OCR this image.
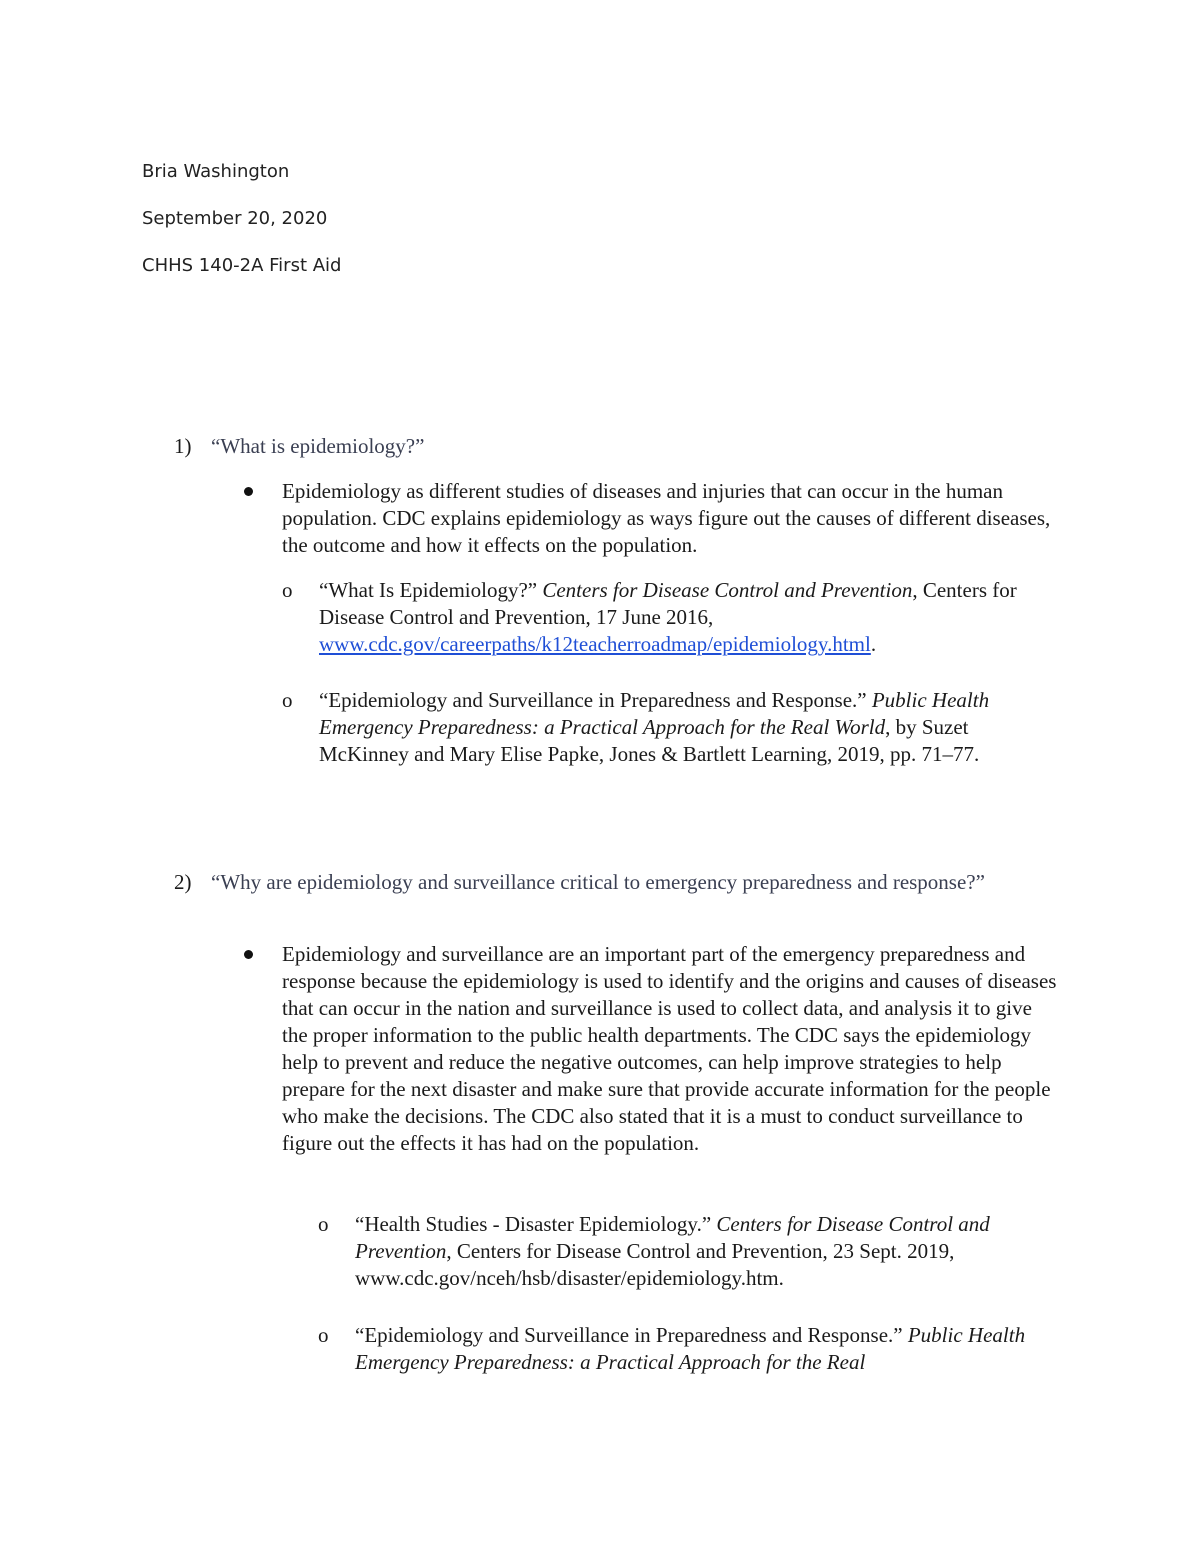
Bria Washington
September 20, 2020
CHHS 140-2A First Aid
1) “What is epidemiology?”
Epidemiology as different studies of diseases and injuries that can occur in the human population. CDC explains epidemiology as ways figure out the causes of different diseases, the outcome and how it effects on the population.
o “What Is Epidemiology?” Centers for Disease Control and Prevention, Centers for Disease Control and Prevention, 17 June 2016, www.cdc.gov/careerpaths/k12teacherroadmap/epidemiology.html.
o “Epidemiology and Surveillance in Preparedness and Response.” Public Health Emergency Preparedness: a Practical Approach for the Real World, by Suzet McKinney and Mary Elise Papke, Jones & Bartlett Learning, 2019, pp. 71–77.
2) “Why are epidemiology and surveillance critical to emergency preparedness and response?”
Epidemiology and surveillance are an important part of the emergency preparedness and response because the epidemiology is used to identify and the origins and causes of diseases that can occur in the nation and surveillance is used to collect data, and analysis it to give the proper information to the public health departments. The CDC says the epidemiology help to prevent and reduce the negative outcomes, can help improve strategies to help prepare for the next disaster and make sure that provide accurate information for the people who make the decisions. The CDC also stated that it is a must to conduct surveillance to figure out the effects it has had on the population.
o “Health Studies - Disaster Epidemiology.” Centers for Disease Control and Prevention, Centers for Disease Control and Prevention, 23 Sept. 2019, www.cdc.gov/nceh/hsb/disaster/epidemiology.htm.
o “Epidemiology and Surveillance in Preparedness and Response.” Public Health Emergency Preparedness: a Practical Approach for the Real
